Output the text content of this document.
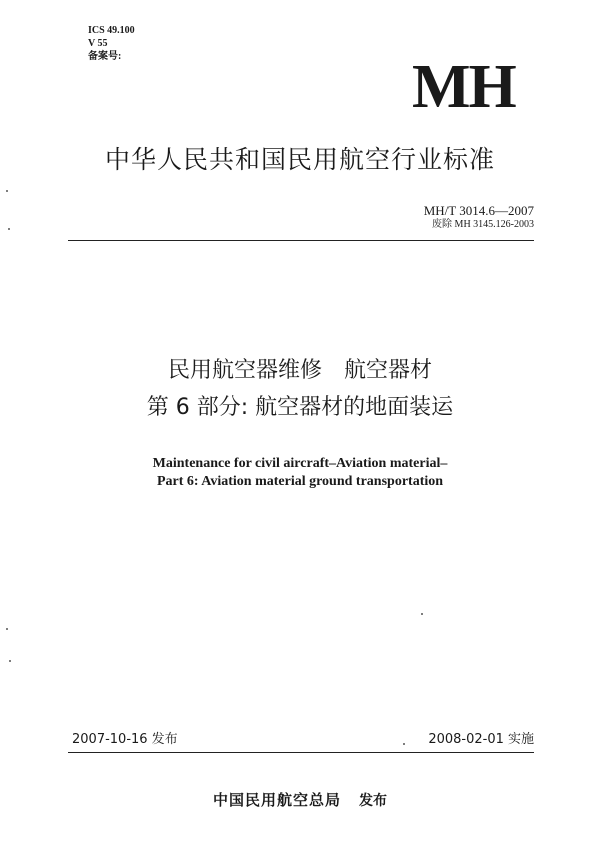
ICS 49.100
V 55
备案号:	MH
中华人民共和国民用航空行业标准
MH/T 3014.6—2007
废除 MH 3145.126-2003
民用航空器维修　航空器材
第 6 部分: 航空器材的地面装运
Maintenance for civil aircraft–Aviation material–
Part 6: Aviation material ground transportation
2007-10-16 发布	2008-02-01 实施
中国民用航空总局 发布
